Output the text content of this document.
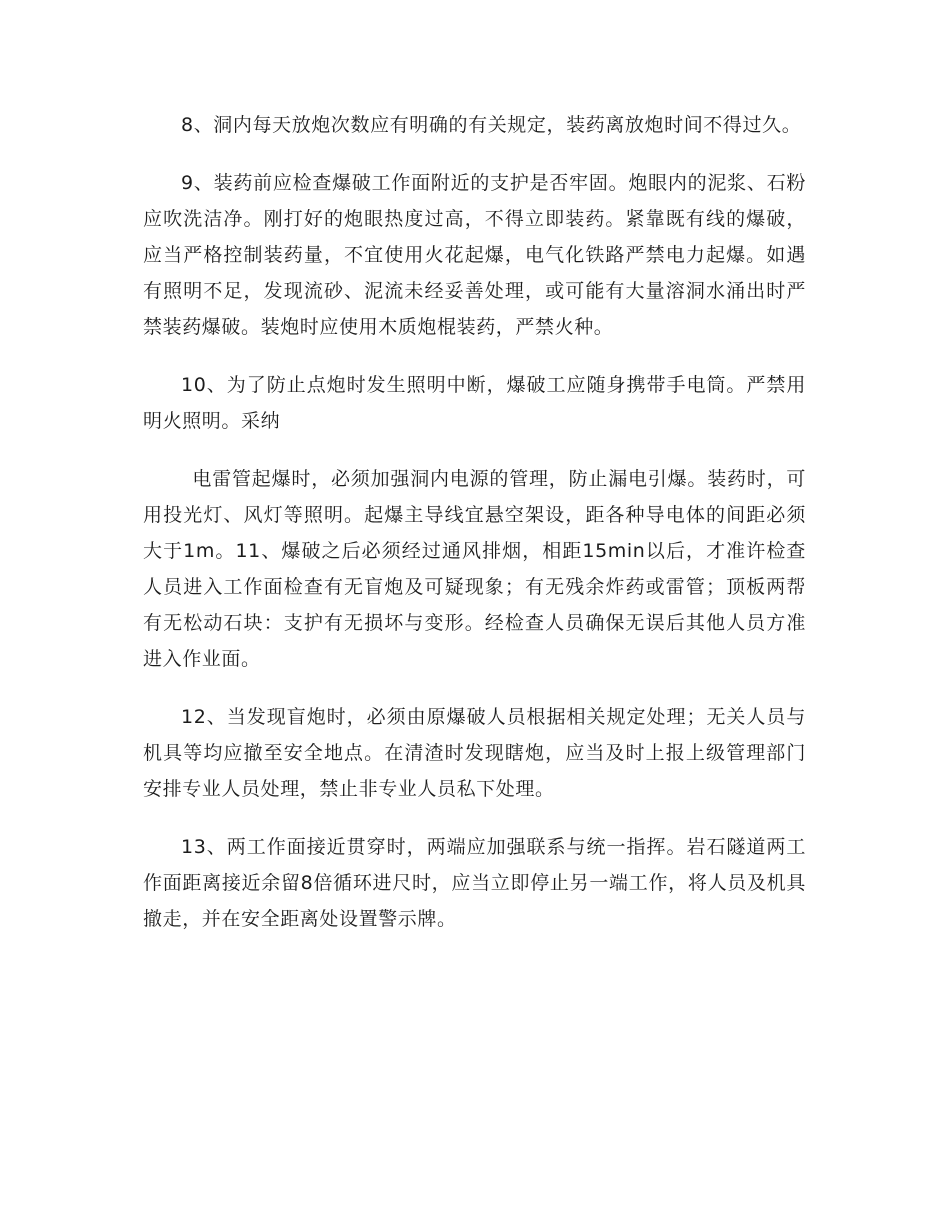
8、洞内每天放炮次数应有明确的有关规定，装药离放炮时间不得过久。

9、装药前应检查爆破工作面附近的支护是否牢固。炮眼内的泥浆、石粉应吹洗洁净。刚打好的炮眼热度过高，不得立即装药。紧靠既有线的爆破，应当严格控制装药量，不宜使用火花起爆，电气化铁路严禁电力起爆。如遇有照明不足，发现流砂、泥流未经妥善处理，或可能有大量溶洞水涌出时严禁装药爆破。装炮时应使用木质炮棍装药，严禁火种。

10、为了防止点炮时发生照明中断，爆破工应随身携带手电筒。严禁用明火照明。采纳

电雷管起爆时，必须加强洞内电源的管理，防止漏电引爆。装药时，可用投光灯、风灯等照明。起爆主导线宜悬空架设，距各种导电体的间距必须大于1m。11、爆破之后必须经过通风排烟，相距15min以后，才准许检查人员进入工作面检查有无盲炮及可疑现象；有无残余炸药或雷管；顶板两帮有无松动石块：支护有无损坏与变形。经检查人员确保无误后其他人员方准进入作业面。

12、当发现盲炮时，必须由原爆破人员根据相关规定处理；无关人员与机具等均应撤至安全地点。在清渣时发现瞎炮，应当及时上报上级管理部门安排专业人员处理，禁止非专业人员私下处理。

13、两工作面接近贯穿时，两端应加强联系与统一指挥。岩石隧道两工作面距离接近余留8倍循环进尺时，应当立即停止另一端工作，将人员及机具撤走，并在安全距离处设置警示牌。
